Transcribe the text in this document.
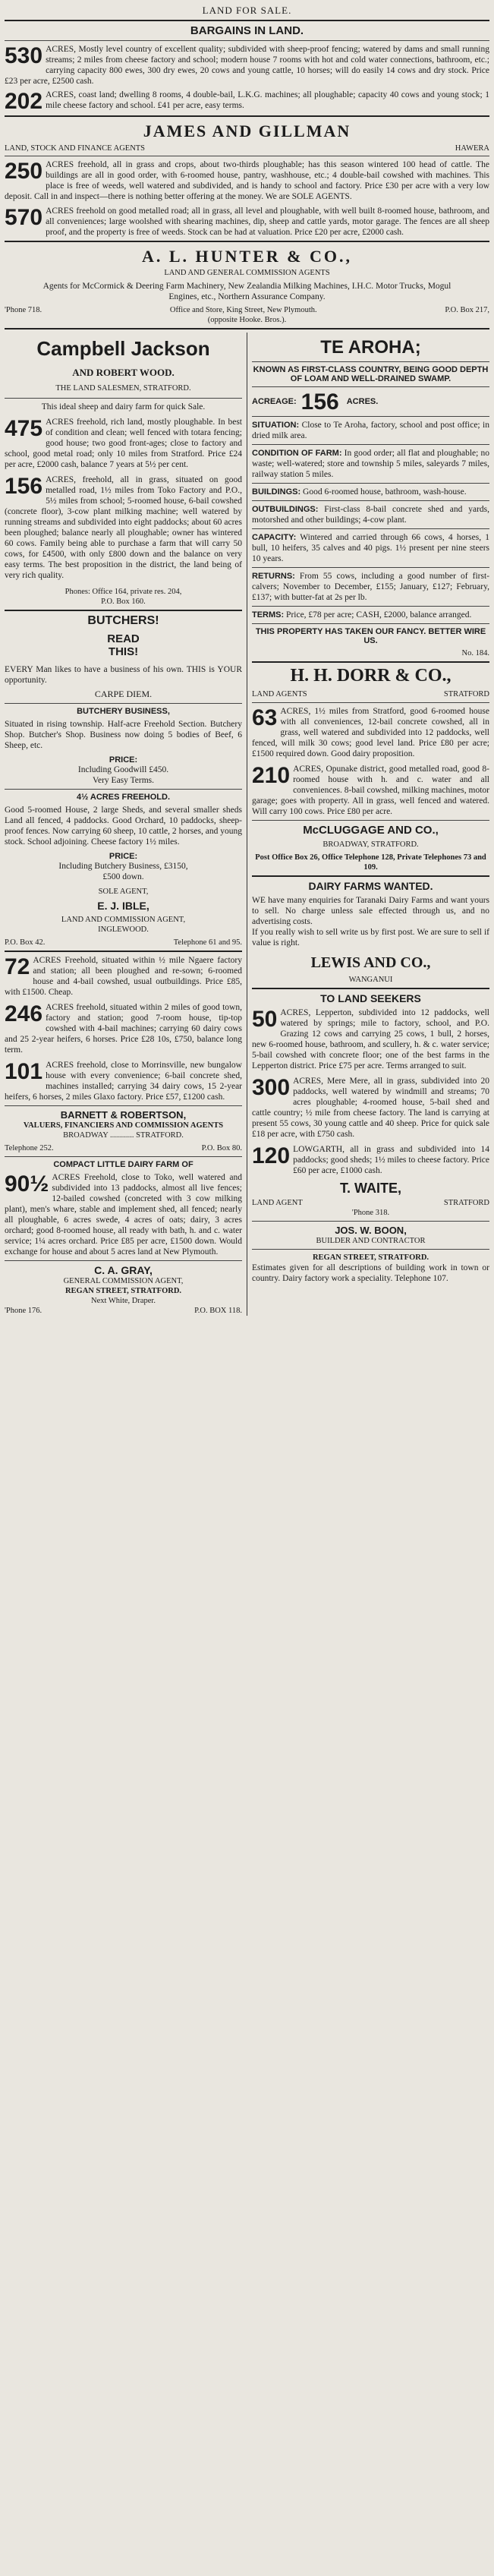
LAND FOR SALE.
BARGAINS IN LAND.
530 ACRES, Mostly level country of excellent quality; subdivided with sheep-proof fencing; watered by dams and small running streams; 2 miles from cheese factory and school; modern house 7 rooms with hot and cold water connections, bathroom, etc.; carrying capacity 800 ewes, 300 dry ewes, 20 cows and young cattle, 10 horses; will do easily 14 cows and dry stock. Price £23 per acre, £2500 cash.
202 ACRES, coast land; dwelling 8 rooms, 4 double-bail, L.K.G. machines; all ploughable; capacity 40 cows and young stock; 1 mile cheese factory and school. £41 per acre, easy terms.
JAMES AND GILLMAN
LAND, STOCK AND FINANCE AGENTS	HAWERA
250 ACRES freehold, all in grass and crops, about two-thirds ploughable; has this season wintered 100 head of cattle. The buildings are all in good order, with 6-roomed house, pantry, washhouse, etc.; 4 double-bail cowshed with machines. This place is free of weeds, well watered and subdivided, and is handy to school and factory. Price £30 per acre with a very low deposit. Call in and inspect—there is nothing better offering at the money. We are SOLE AGENTS.
570 ACRES freehold on good metalled road; all in grass, all level and ploughable, with well built 8-roomed house, bathroom, and all conveniences; large woolshed with shearing machines, dip, sheep and cattle yards, motor garage. The fences are all sheep proof, and the property is free of weeds. Stock can be had at valuation. Price £20 per acre, £2000 cash.
A. L. HUNTER & CO.,
LAND AND GENERAL COMMISSION AGENTS
Agents for McCormick & Deering Farm Machinery, New Zealandia Milking Machines, I.H.C. Motor Trucks, Mogul Engines, etc., Northern Assurance Company.
'Phone 718.	Office and Store, King Street, New Plymouth.	P.O. Box 217,
(opposite Hooke. Bros.).
Campbell Jackson
AND ROBERT WOOD.
THE LAND SALESMEN, STRATFORD.
This ideal sheep and dairy farm for quick Sale.
475 ACRES freehold, rich land, mostly ploughable. In best of condition and clean; well fenced with totara fencing; good house; two good front-ages; close to factory and school, good metal road; only 10 miles from Stratford. Price £24 per acre, £2000 cash, balance 7 years at 5½ per cent.
156 ACRES, freehold, all in grass, situated on good metalled road, 1½ miles from Toko Factory and P.O., 5½ miles from school; 5-roomed house, 6-bail cowshed (concrete floor), 3-cow plant milking machine; well watered by running streams and subdivided into eight paddocks; about 60 acres been ploughed; balance nearly all ploughable; owner has wintered 60 cows. Family being able to purchase a farm that will carry 50 cows, for £4500, with only £800 down and the balance on very easy terms. The best proposition in the district, the land being of very rich quality.
Phones: Office 164, private res. 204,
P.O. Box 160.
BUTCHERS!
READ
THIS!
EVERY Man likes to have a business of his own. THIS is YOUR opportunity.
CARPE DIEM.
BUTCHERY BUSINESS,
Situated in rising township. Half-acre Freehold Section. Butchery Shop. Butcher's Shop. Business now doing 5 bodies of Beef, 6 Sheep, etc.
PRICE:
Including Goodwill £450.
Very Easy Terms.
4½ ACRES FREEHOLD.
Good 5-roomed House, 2 large Sheds, and several smaller sheds Land all fenced, 4 paddocks. Good Orchard, 10 paddocks, sheep-proof fences. Now carrying 60 sheep, 10 cattle, 2 horses, and young stock. School adjoining. Cheese factory 1½ miles.
PRICE:
Including Butchery Business, £3150,
£500 down.
SOLE AGENT,
E. J. IBLE,
LAND AND COMMISSION AGENT,
INGLEWOOD.
P.O. Box 42.	Telephone 61 and 95.
72 ACRES Freehold, situated within ½ mile Ngaere factory and station; all been ploughed and re-sown; 6-roomed house and 4-bail cowshed, usual outbuildings. Price £85, with £1500. Cheap.
246 ACRES freehold, situated within 2 miles of good town, factory and station; good 7-room house, tip-top cowshed with 4-bail machines; carrying 60 dairy cows and 25 2-year heifers, 6 horses. Price £28 10s, £750, balance long term.
101 ACRES freehold, close to Morrinsville, new bungalow house with every convenience; 6-bail concrete shed, machines installed; carrying 34 dairy cows, 15 2-year heifers, 6 horses, 2 miles Glaxo factory. Price £57, £1200 cash.
BARNETT & ROBERTSON,
VALUERS, FINANCIERS AND COMMISSION AGENTS
BROADWAY ............ STRATFORD.
Telephone 252.	P.O. Box 80.
COMPACT LITTLE DAIRY FARM OF
90½ ACRES Freehold, close to Toko, well watered and subdivided into 13 paddocks, almost all live fences; 12-bailed cowshed (concreted with 3 cow milking plant), men's whare, stable and implement shed, all fenced; nearly all ploughable, 6 acres swede, 4 acres of oats; dairy, 3 acres orchard; good 8-roomed house, all ready with bath, h. and c. water service; 1¼ acres orchard. Price £85 per acre, £1500 down. Would exchange for house and about 5 acres land at New Plymouth.
C. A. GRAY,
GENERAL COMMISSION AGENT,
REGAN STREET, STRATFORD.
Next White, Draper.
'Phone 176.	P.O. BOX 118.
TE AROHA;
KNOWN AS FIRST-CLASS COUNTRY, BEING GOOD DEPTH OF LOAM AND WELL-DRAINED SWAMP.
ACREAGE: 156 ACRES.
SITUATION: Close to Te Aroha, factory, school and post office; in dried milk area.
CONDITION OF FARM: In good order; all flat and ploughable; no waste; well-watered; store and township 5 miles, saleyards 7 miles, railway station 5 miles.
BUILDINGS: Good 6-roomed house, bathroom, wash-house.
OUTBUILDINGS: First-class 8-bail concrete shed and yards, motorshed and other buildings; 4-cow plant.
CAPACITY: Wintered and carried through 66 cows, 4 horses, 1 bull, 10 heifers, 35 calves and 40 pigs. 1½ present per nine steers 10 years.
RETURNS: From 55 cows, including a good number of first-calvers; November to December, £155; January, £127; February, £137; with butter-fat at 2s per lb.
TERMS: Price, £78 per acre; CASH, £2000, balance arranged.
THIS PROPERTY HAS TAKEN OUR FANCY. BETTER WIRE US.
No. 184.
H. H. DORR & CO.,
LAND AGENTS	STRATFORD
63 ACRES, 1½ miles from Stratford, good 6-roomed house with all conveniences, 12-bail concrete cowshed, all in grass, well watered and subdivided into 12 paddocks, well fenced, will milk 30 cows; good level land. Price £80 per acre; £1500 required down. Good dairy proposition.
210 ACRES, Opunake district, good metalled road, good 8-roomed house with h. and c. water and all conveniences. 8-bail cowshed, milking machines, motor garage; goes with property. All in grass, well fenced and watered. Will carry 100 cows. Price £80 per acre.
McCLUGGAGE AND CO.,
BROADWAY, STRATFORD.
Post Office Box 26, Office Telephone 128, Private Telephones 73 and 109.
DAIRY FARMS WANTED.
WE have many enquiries for Taranaki Dairy Farms and want yours to sell. No charge unless sale effected through us, and no advertising costs.
If you really wish to sell write us by first post. We are sure to sell if value is right.
LEWIS AND CO.,
WANGANUI
TO LAND SEEKERS
50 ACRES, Lepperton, subdivided into 12 paddocks, well watered by springs; mile to factory, school, and P.O. Grazing 12 cows and carrying 25 cows, 1 bull, 2 horses, new 6-roomed house, bathroom, and scullery, h. & c. water service; 5-bail cowshed with concrete floor; one of the best farms in the Lepperton district. Price £75 per acre. Terms arranged to suit.
300 ACRES, Mere Mere, all in grass, subdivided into 20 paddocks, well watered by windmill and streams; 70 acres ploughable; 4-roomed house, 5-bail shed and cattle country; ½ mile from cheese factory. The land is carrying at present 55 cows, 30 young cattle and 40 sheep. Price for quick sale £18 per acre, with £750 cash.
120 LOWGARTH, all in grass and subdivided into 14 paddocks; good sheds; 1½ miles to cheese factory. Price £60 per acre, £1000 cash.
T. WAITE,
LAND AGENT	STRATFORD
'Phone 318.
JOS. W. BOON,
BUILDER AND CONTRACTOR
REGAN STREET, STRATFORD.
Estimates given for all descriptions of building work in town or country. Dairy factory work a speciality. Telephone 107.
